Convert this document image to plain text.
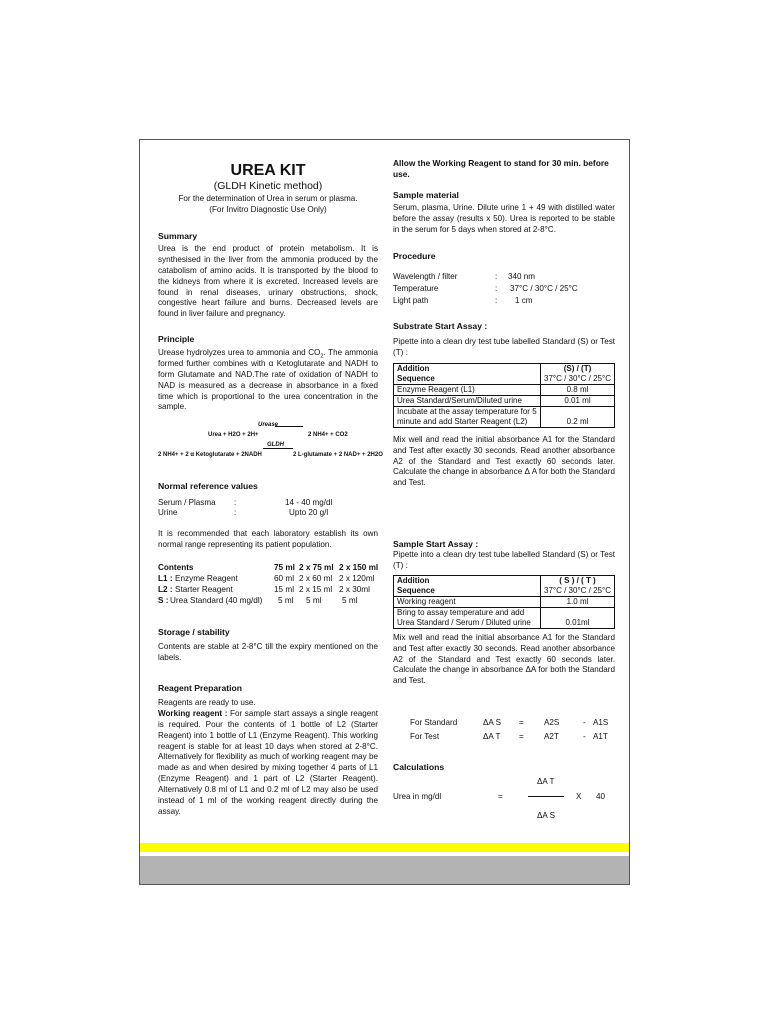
UREA KIT
(GLDH Kinetic method)
For the determination of Urea in serum or plasma.
(For Invitro Diagnostic Use Only)

Summary

Urea is the end product of protein metabolism. It is synthesised in the liver from the ammonia produced by the catabolism of amino acids. It is transported by the blood to the kidneys from where it is excreted. Increased levels are found in renal diseases, urinary obstructions, shock, congestive heart failure and burns. Decreased levels are found in liver failure and pregnancy.

Principle

Urease hydrolyzes urea to ammonia and $CO_2$. The ammonia formed further combines with α Ketoglutarate and NADH to form Glutamate and NAD.The rate of oxidation of NADH to NAD is measured as a decrease in absorbance in a fixed time which is proportional to the urea concentration in the sample.

Urease
Urea + H2O + 2H+	2 NH4+ + CO2
GLDH
2 NH4+ + 2 α Ketoglutarate + 2NADH	2 L-glutamate + 2 NAD+ + 2H2O

Normal reference values

Serum / Plasma :	14 - 40 mg/dl
Urine	:	Upto 20 g/l

It is recommended that each laboratory establish its own normal range representing its patient population.

Contents	75 ml 2 x 75 ml 2 x 150 ml
L1 : Enzyme Reagent	60 ml 2 x 60 ml 2 x 120ml
L2 : Starter Reagent	15 ml 2 x 15 ml 2 x 30ml
S : Urea Standard (40 mg/dl) 5 ml 5 ml	5 ml

Storage / stability

Contents are stable at 2-8°C till the expiry mentioned on the labels.

Reagent Preparation

Reagents are ready to use.

Working reagent : For sample start assays a single reagent is required. Pour the contents of 1 bottle of L2 (Starter Reagent) into 1 bottle of L1 (Enzyme Reagent). This working reagent is stable for at least 10 days when stored at 2-8°C. Alternatively for flexibility as much of working reagent may be made as and when desired by mixing together 4 parts of L1 (Enzyme Reagent) and 1 part of L2 (Starter Reagent). Alternatively 0.8 ml of L1 and 0.2 ml of L2 may also be used instead of 1 ml of the working reagent directly during the assay.

Allow the Working Reagent to stand for 30 min. before use.

Sample material

Serum, plasma, Urine. Dilute urine 1 + 49 with distilled water before the assay (results x 50). Urea is reported to be stable in the serum for 5 days when stored at 2-8°C.

Procedure

Wavelength / filter	: 340 nm
Temperature	: 37°C / 30°C / 25°C
Light path	: 1 cm

Substrate Start Assay :

Pipette into a clean dry test tube labelled Standard (S) or Test (T) :

Addition
Sequence	(S) / (T)
37°C / 30°C / 25°C
Enzyme Reagent (L1)	0.8 ml
Urea Standard/Serum/Diluted urine	0.01 ml
Incubate at the assay temperature for 5 minute and add Starter Reagent (L2)	0.2 ml

Mix well and read the initial absorbance A1 for the Standard and Test after exactly 30 seconds. Read another absorbance A2 of the Standard and Test exactly 60 seconds later. Calculate the change in absorbance Δ A for both the Standard and Test.

Sample Start Assay :

Pipette into a clean dry test tube labelled Standard (S) or Test (T) :

Addition
Sequence	( S ) / ( T )
37°C / 30°C / 25°C
Working reagent	1.0 ml
Bring to assay temperature and add Urea Standard / Serum / Diluted urine	0.01ml

Mix well and read the initial absorbance A1 for the Standard and Test after exactly 30 seconds. Read another absorbance A2 of the Standard and Test exactly 60 seconds later. Calculate the change in absorbance ΔA for both the Standard and Test.

For Standard	ΔA S =	A2S	- A1S
For Test	ΔA T =	A2T	- A1T

Calculations

ΔA T
Urea in mg/dl	=	X 40
ΔA S
